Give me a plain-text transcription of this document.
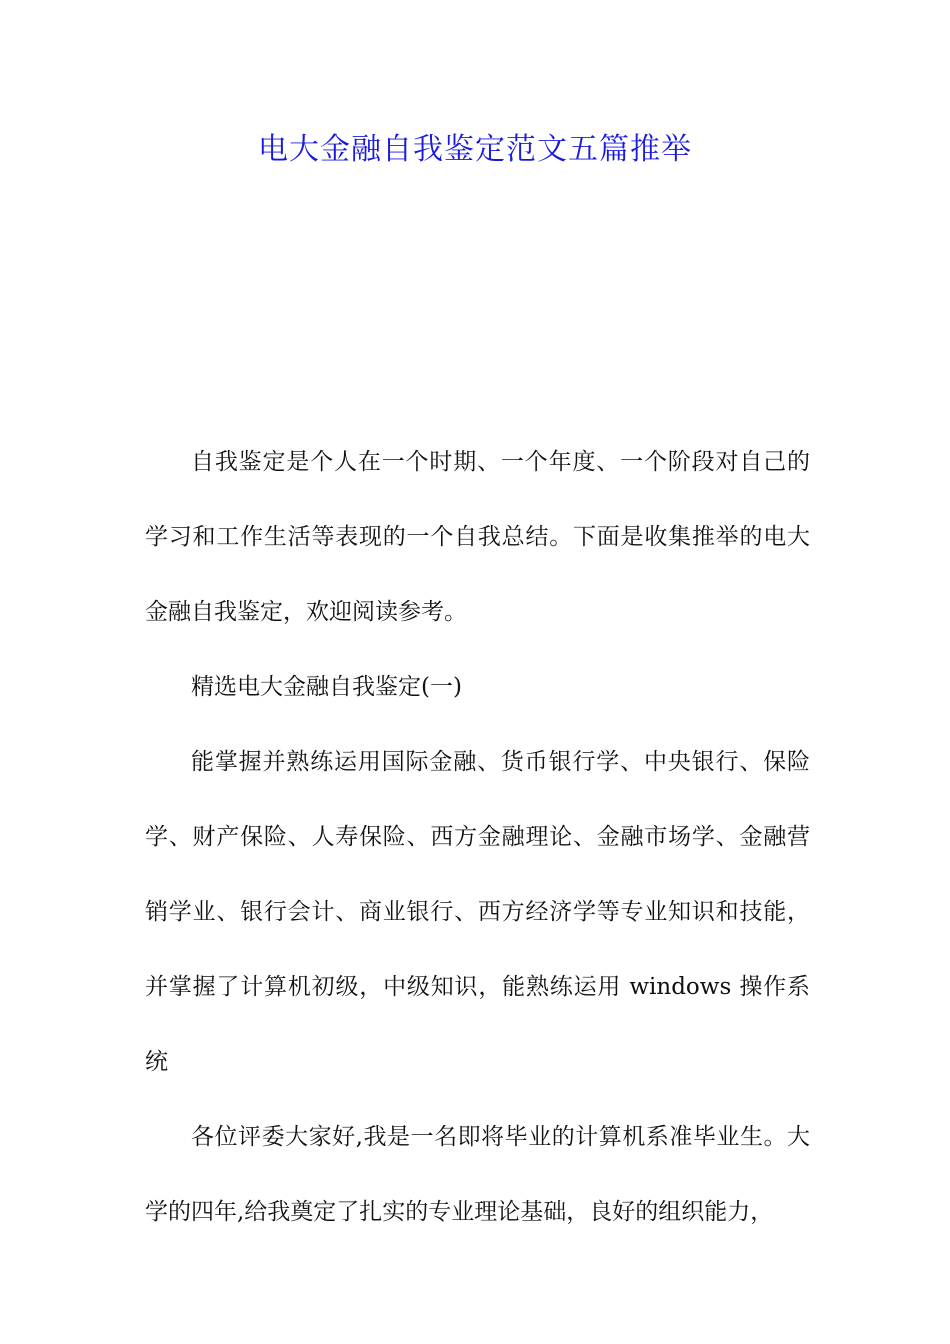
电大金融自我鉴定范文五篇推举

自我鉴定是个人在一个时期、一个年度、一个阶段对自己的学习和工作生活等表现的一个自我总结。下面是收集推举的电大金融自我鉴定，欢迎阅读参考。

精选电大金融自我鉴定(一)

能掌握并熟练运用国际金融、货币银行学、中央银行、保险学、财产保险、人寿保险、西方金融理论、金融市场学、金融营销学业、银行会计、商业银行、西方经济学等专业知识和技能，并掌握了计算机初级，中级知识，能熟练运用 windows 操作系统

各位评委大家好,我是一名即将毕业的计算机系准毕业生。大学的四年,给我奠定了扎实的专业理论基础，良好的组织能力，
